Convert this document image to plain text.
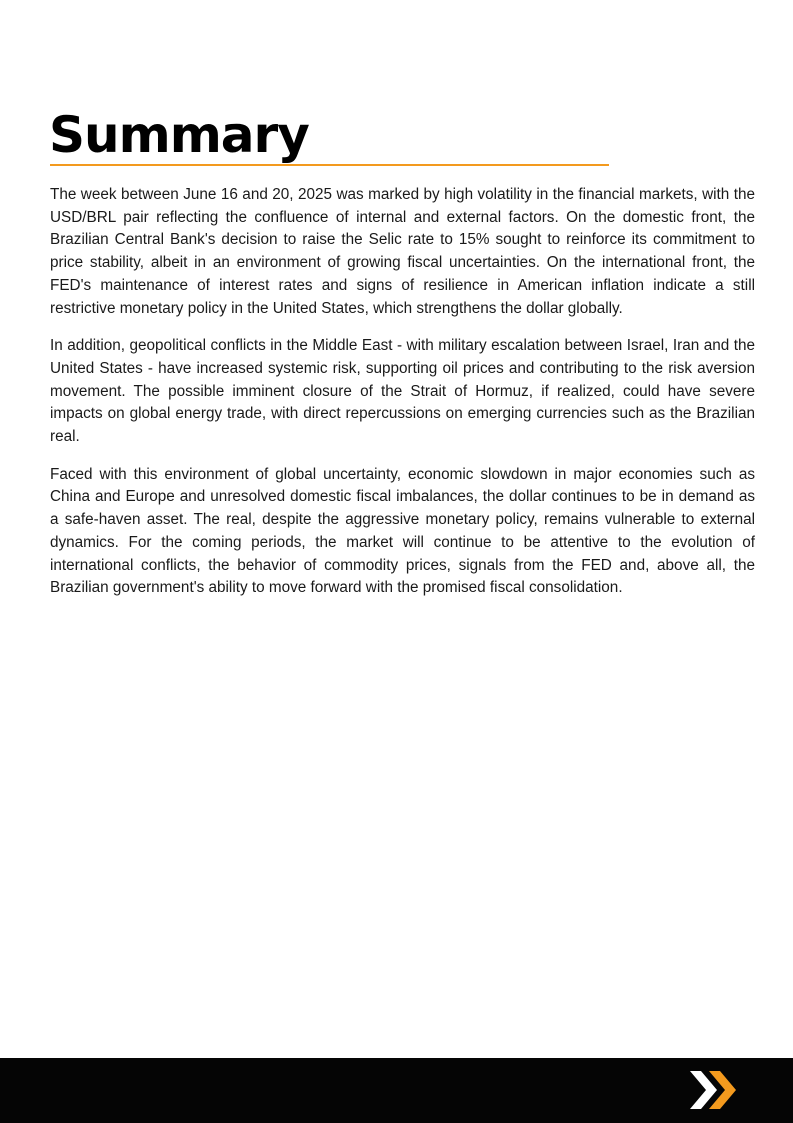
Summary

The week between June 16 and 20, 2025 was marked by high volatility in the financial markets, with the USD/BRL pair reflecting the confluence of internal and external factors. On the domestic front, the Brazilian Central Bank's decision to raise the Selic rate to 15% sought to reinforce its commitment to price stability, albeit in an environment of growing fiscal uncertainties. On the international front, the FED's maintenance of interest rates and signs of resilience in American inflation indicate a still restrictive monetary policy in the United States, which strengthens the dollar globally.

In addition, geopolitical conflicts in the Middle East - with military escalation between Israel, Iran and the United States - have increased systemic risk, supporting oil prices and contributing to the risk aversion movement. The possible imminent closure of the Strait of Hormuz, if realized, could have severe impacts on global energy trade, with direct repercussions on emerging currencies such as the Brazilian real.

Faced with this environment of global uncertainty, economic slowdown in major economies such as China and Europe and unresolved domestic fiscal imbalances, the dollar continues to be in demand as a safe-haven asset. The real, despite the aggressive monetary policy, remains vulnerable to external dynamics. For the coming periods, the market will continue to be attentive to the evolution of international conflicts, the behavior of commodity prices, signals from the FED and, above all, the Brazilian government's ability to move forward with the promised fiscal consolidation.
